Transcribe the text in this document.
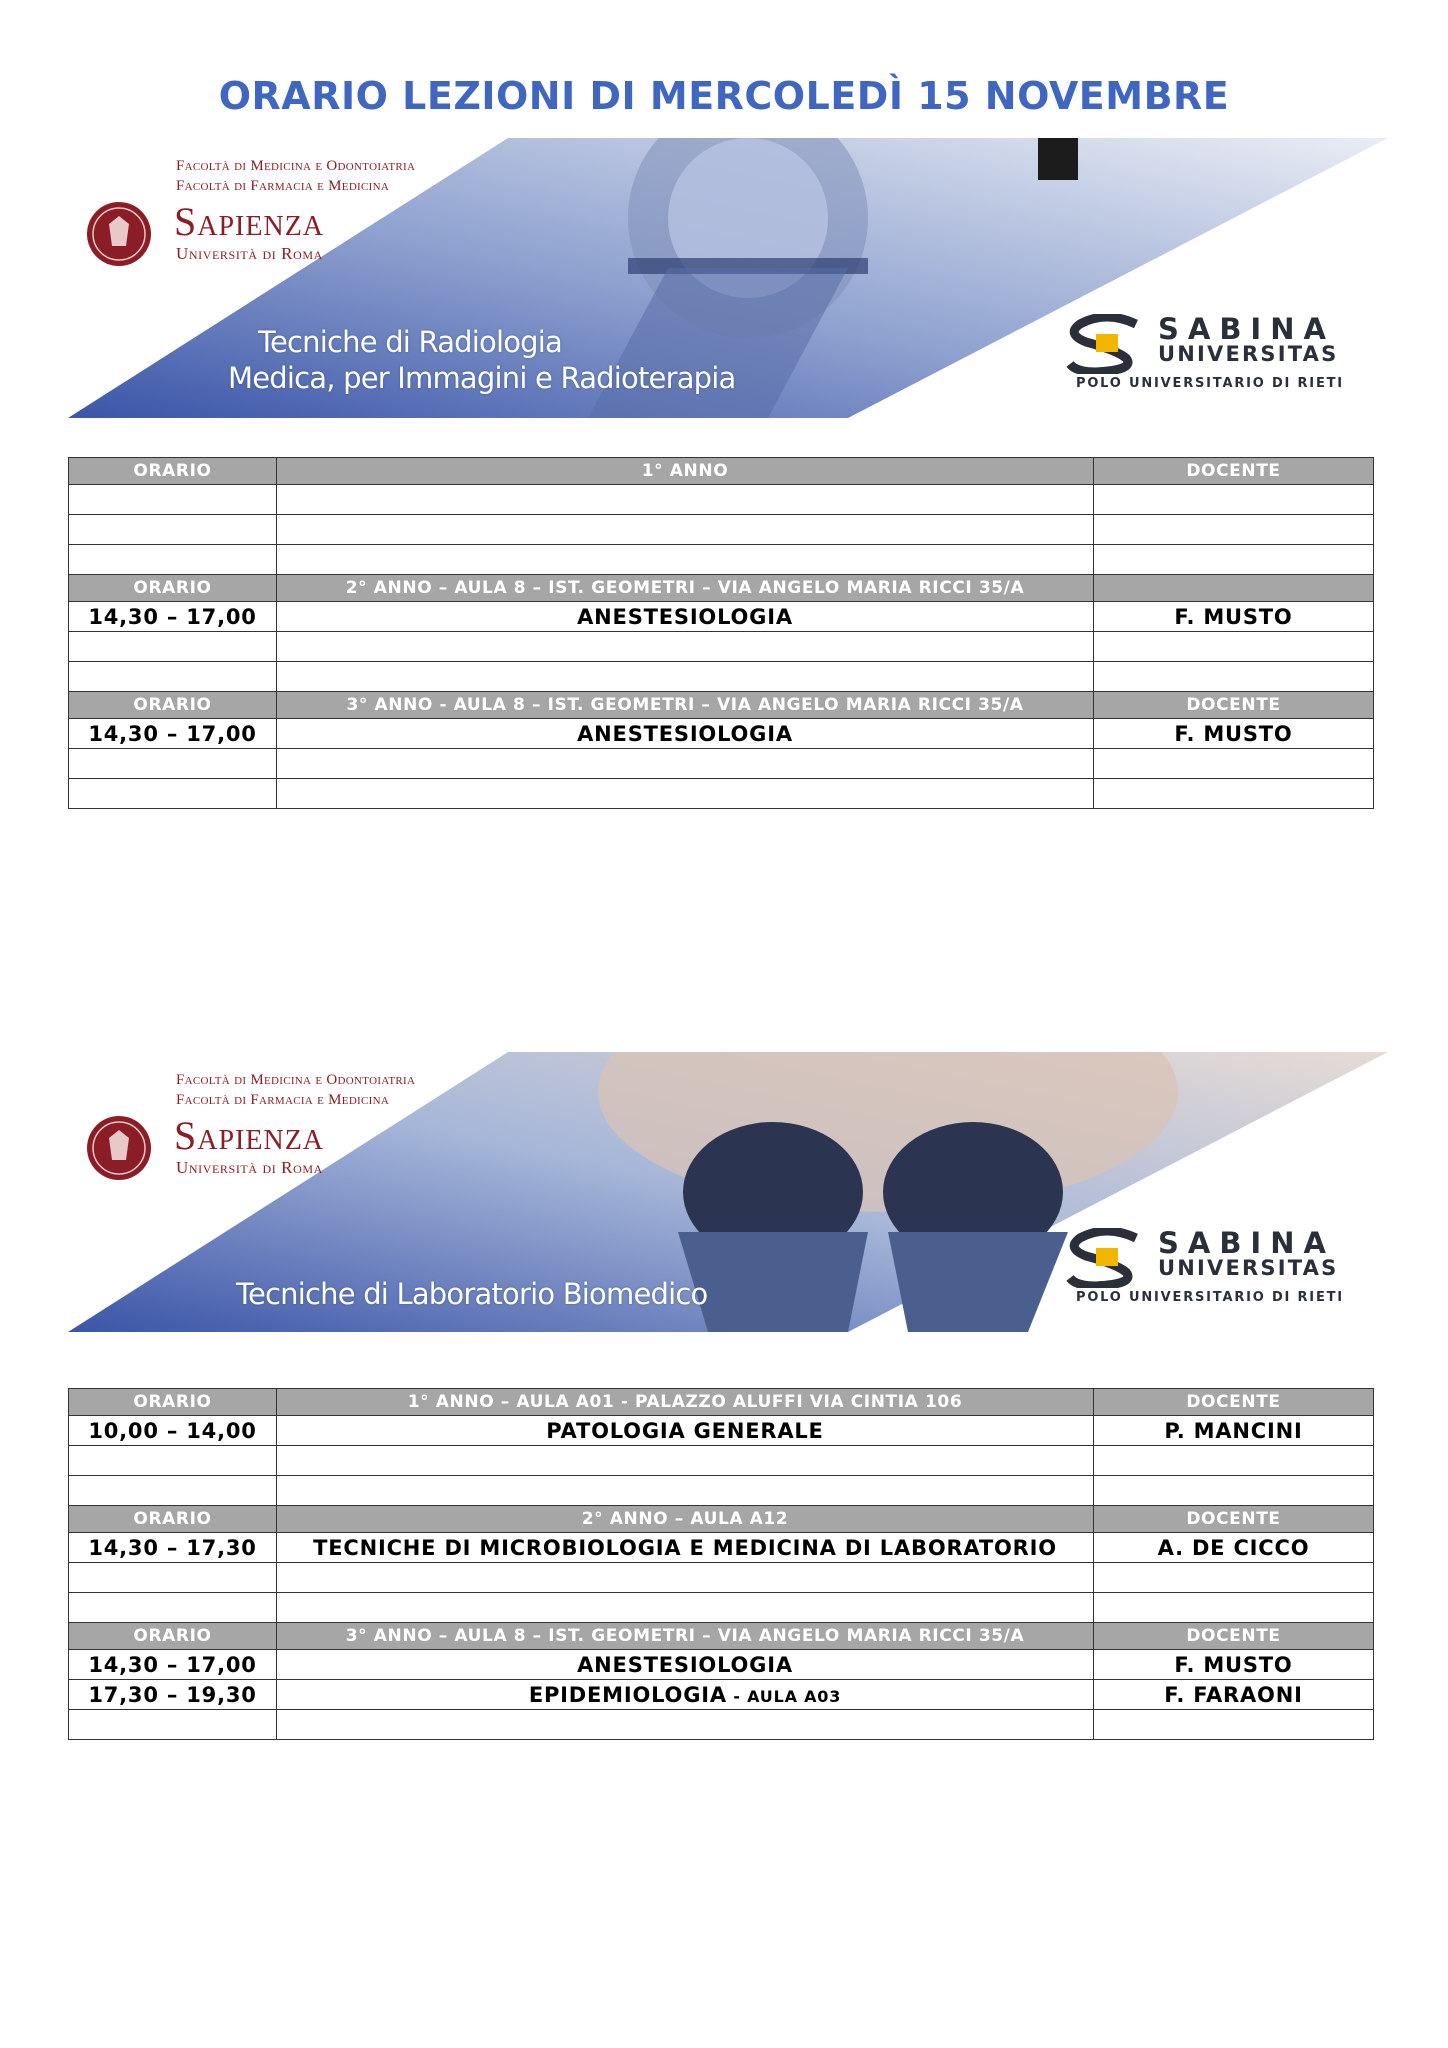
ORARIO LEZIONI DI MERCOLEDÌ 15 NOVEMBRE
Facoltà di Medicina e Odontoiatria
Facoltà di Farmacia e Medicina
Sapienza
Università di Roma
Tecniche di Radiologia
Medica, per Immagini e Radioterapia
SABINA
UNIVERSITAS
POLO UNIVERSITARIO DI RIETI
ORARIO	1° ANNO	DOCENTE

ORARIO	2° ANNO – AULA 8 – IST. GEOMETRI – VIA ANGELO MARIA RICCI 35/A	
14,30 – 17,00	ANESTESIOLOGIA	F. MUSTO

ORARIO	3° ANNO - AULA 8 – IST. GEOMETRI – VIA ANGELO MARIA RICCI 35/A	DOCENTE
14,30 – 17,00	ANESTESIOLOGIA	F. MUSTO

Facoltà di Medicina e Odontoiatria
Facoltà di Farmacia e Medicina
Sapienza
Università di Roma
Tecniche di Laboratorio Biomedico
SABINA
UNIVERSITAS
POLO UNIVERSITARIO DI RIETI
ORARIO	1° ANNO – AULA A01 - PALAZZO ALUFFI VIA CINTIA 106	DOCENTE
10,00 – 14,00	PATOLOGIA GENERALE	P. MANCINI

ORARIO	2° ANNO – AULA A12	DOCENTE
14,30 – 17,30	TECNICHE DI MICROBIOLOGIA E MEDICINA DI LABORATORIO	A. DE CICCO

ORARIO	3° ANNO – AULA 8 – IST. GEOMETRI – VIA ANGELO MARIA RICCI 35/A	DOCENTE
14,30 – 17,00	ANESTESIOLOGIA	F. MUSTO
17,30 – 19,30	EPIDEMIOLOGIA - AULA A03	F. FARAONI
